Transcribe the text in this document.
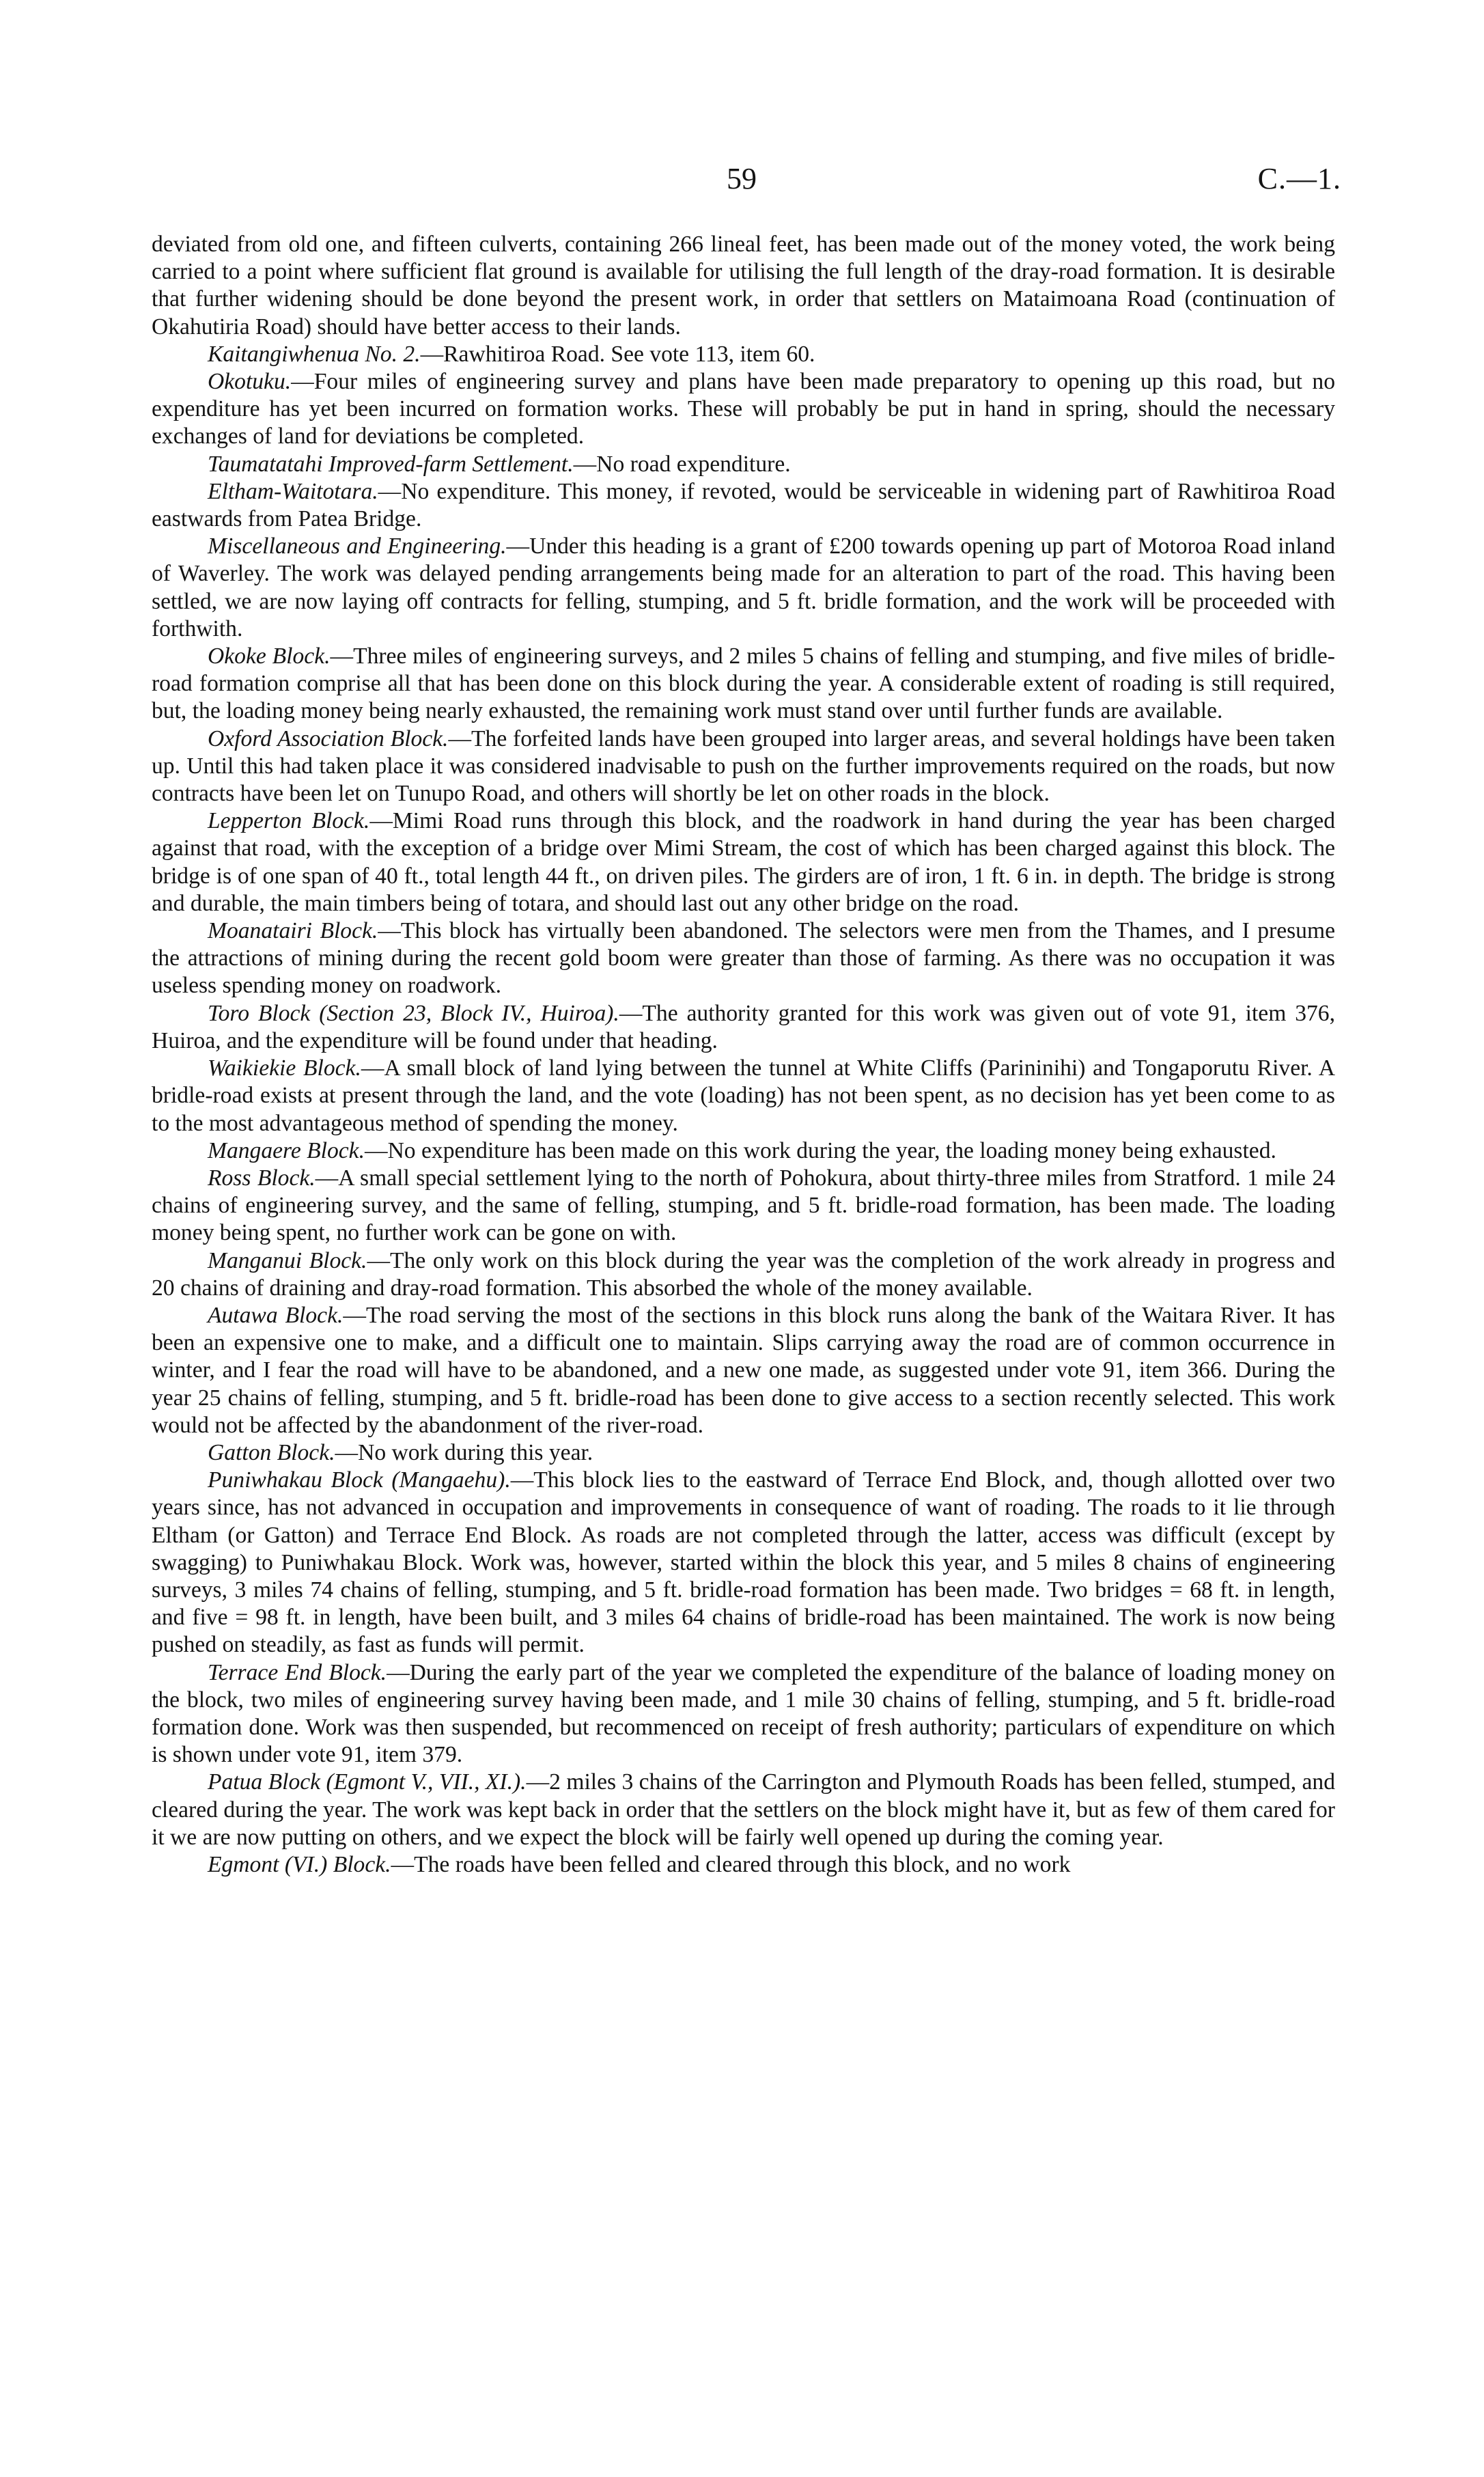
59	C.—1.

deviated from old one, and fifteen culverts, containing 266 lineal feet, has been made out of the money voted, the work being carried to a point where sufficient flat ground is available for utilising the full length of the dray-road formation. It is desirable that further widening should be done beyond the present work, in order that settlers on Mataimoana Road (continuation of Okahutiria Road) should have better access to their lands.

Kaitangiwhenua No. 2.—Rawhitiroa Road. See vote 113, item 60.

Okotuku.—Four miles of engineering survey and plans have been made preparatory to opening up this road, but no expenditure has yet been incurred on formation works. These will probably be put in hand in spring, should the necessary exchanges of land for deviations be completed.

Taumatatahi Improved-farm Settlement.—No road expenditure.

Eltham-Waitotara.—No expenditure. This money, if revoted, would be serviceable in widening part of Rawhitiroa Road eastwards from Patea Bridge.

Miscellaneous and Engineering.—Under this heading is a grant of £200 towards opening up part of Motoroa Road inland of Waverley. The work was delayed pending arrangements being made for an alteration to part of the road. This having been settled, we are now laying off contracts for felling, stumping, and 5 ft. bridle formation, and the work will be proceeded with forthwith.

Okoke Block.—Three miles of engineering surveys, and 2 miles 5 chains of felling and stumping, and five miles of bridle-road formation comprise all that has been done on this block during the year. A considerable extent of roading is still required, but, the loading money being nearly exhausted, the remaining work must stand over until further funds are available.

Oxford Association Block.—The forfeited lands have been grouped into larger areas, and several holdings have been taken up. Until this had taken place it was considered inadvisable to push on the further improvements required on the roads, but now contracts have been let on Tunupo Road, and others will shortly be let on other roads in the block.

Lepperton Block.—Mimi Road runs through this block, and the roadwork in hand during the year has been charged against that road, with the exception of a bridge over Mimi Stream, the cost of which has been charged against this block. The bridge is of one span of 40 ft., total length 44 ft., on driven piles. The girders are of iron, 1 ft. 6 in. in depth. The bridge is strong and durable, the main timbers being of totara, and should last out any other bridge on the road.

Moanatairi Block.—This block has virtually been abandoned. The selectors were men from the Thames, and I presume the attractions of mining during the recent gold boom were greater than those of farming. As there was no occupation it was useless spending money on roadwork.

Toro Block (Section 23, Block IV., Huiroa).—The authority granted for this work was given out of vote 91, item 376, Huiroa, and the expenditure will be found under that heading.

Waikiekie Block.—A small block of land lying between the tunnel at White Cliffs (Parininihi) and Tongaporutu River. A bridle-road exists at present through the land, and the vote (loading) has not been spent, as no decision has yet been come to as to the most advantageous method of spending the money.

Mangaere Block.—No expenditure has been made on this work during the year, the loading money being exhausted.

Ross Block.—A small special settlement lying to the north of Pohokura, about thirty-three miles from Stratford. 1 mile 24 chains of engineering survey, and the same of felling, stumping, and 5 ft. bridle-road formation, has been made. The loading money being spent, no further work can be gone on with.

Manganui Block.—The only work on this block during the year was the completion of the work already in progress and 20 chains of draining and dray-road formation. This absorbed the whole of the money available.

Autawa Block.—The road serving the most of the sections in this block runs along the bank of the Waitara River. It has been an expensive one to make, and a difficult one to maintain. Slips carrying away the road are of common occurrence in winter, and I fear the road will have to be abandoned, and a new one made, as suggested under vote 91, item 366. During the year 25 chains of felling, stumping, and 5 ft. bridle-road has been done to give access to a section recently selected. This work would not be affected by the abandonment of the river-road.

Gatton Block.—No work during this year.

Puniwhakau Block (Mangaehu).—This block lies to the eastward of Terrace End Block, and, though allotted over two years since, has not advanced in occupation and improvements in consequence of want of roading. The roads to it lie through Eltham (or Gatton) and Terrace End Block. As roads are not completed through the latter, access was difficult (except by swagging) to Puniwhakau Block. Work was, however, started within the block this year, and 5 miles 8 chains of engineering surveys, 3 miles 74 chains of felling, stumping, and 5 ft. bridle-road formation has been made. Two bridges = 68 ft. in length, and five = 98 ft. in length, have been built, and 3 miles 64 chains of bridle-road has been maintained. The work is now being pushed on steadily, as fast as funds will permit.

Terrace End Block.—During the early part of the year we completed the expenditure of the balance of loading money on the block, two miles of engineering survey having been made, and 1 mile 30 chains of felling, stumping, and 5 ft. bridle-road formation done. Work was then suspended, but recommenced on receipt of fresh authority; particulars of expenditure on which is shown under vote 91, item 379.

Patua Block (Egmont V., VII., XI.).—2 miles 3 chains of the Carrington and Plymouth Roads has been felled, stumped, and cleared during the year. The work was kept back in order that the settlers on the block might have it, but as few of them cared for it we are now putting on others, and we expect the block will be fairly well opened up during the coming year.

Egmont (VI.) Block.—The roads have been felled and cleared through this block, and no work
